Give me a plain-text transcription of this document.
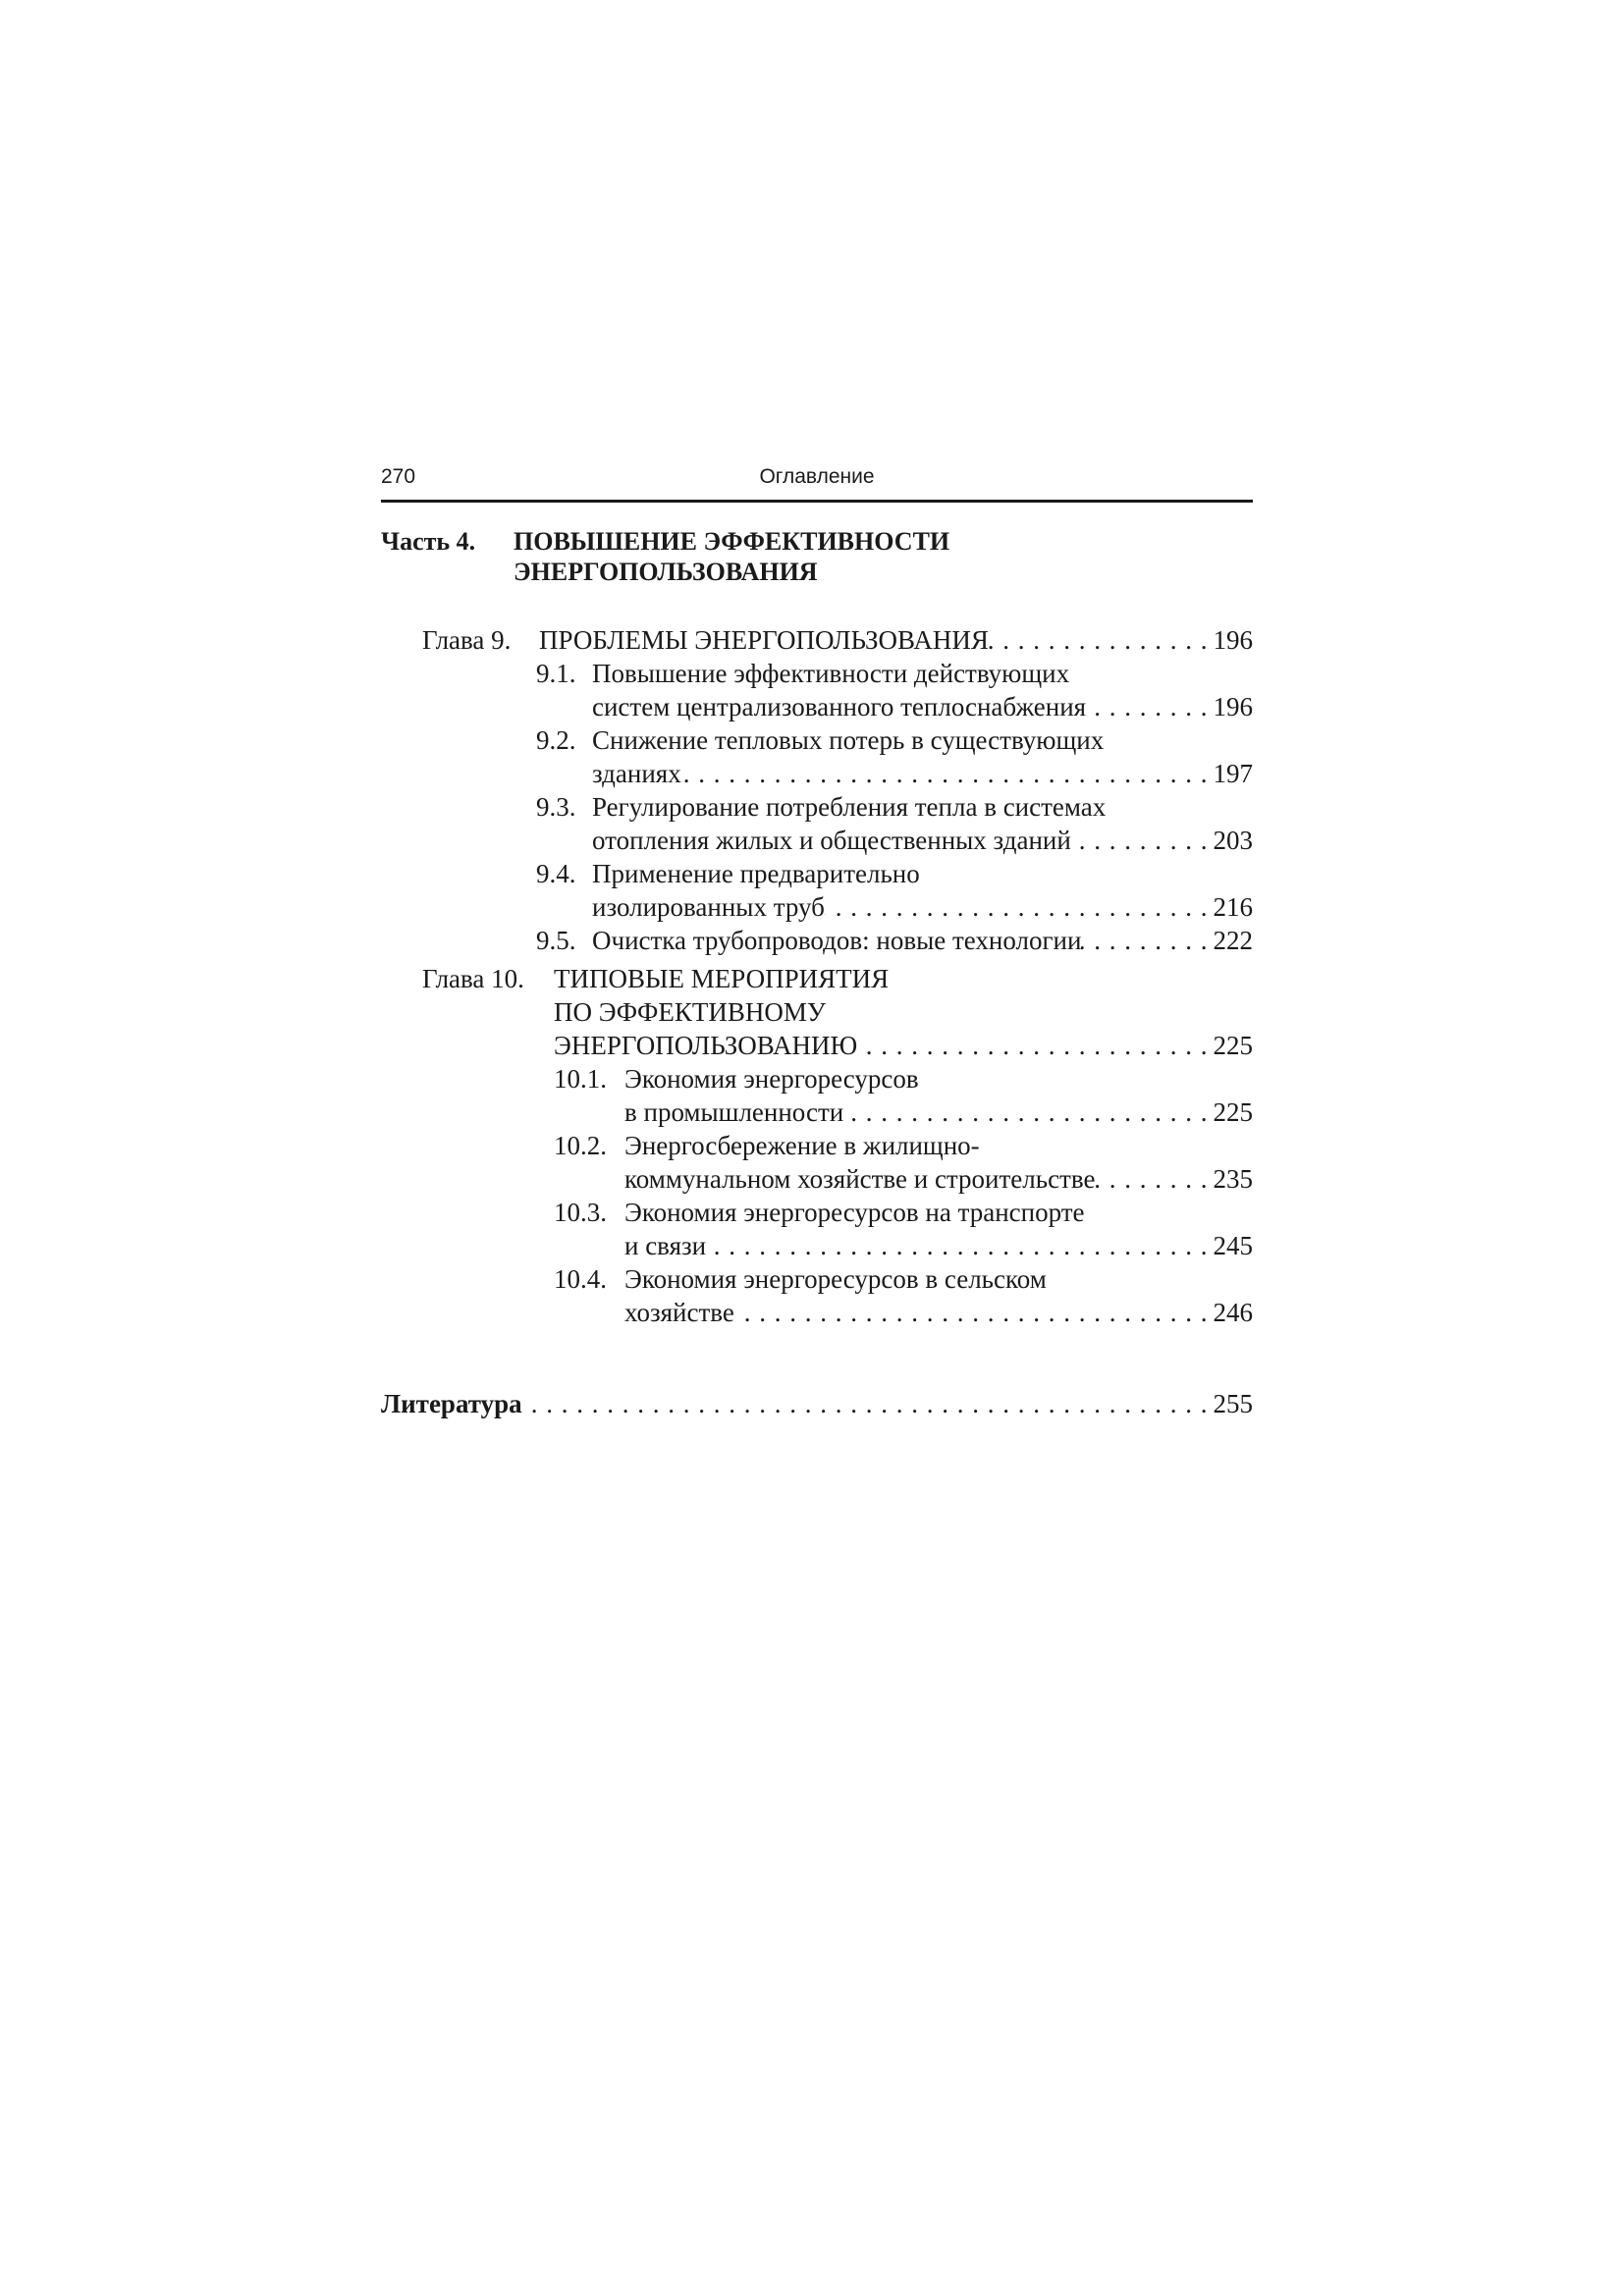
270	Оглавление
Часть 4. ПОВЫШЕНИЕ ЭФФЕКТИВНОСТИ
ЭНЕРГОПОЛЬЗОВАНИЯ
Глава 9. ПРОБЛЕМЫ ЭНЕРГОПОЛЬЗОВАНИЯ . . .	196
9.1. Повышение эффективности действующих
систем централизованного теплоснабжения . . .	196
9.2. Снижение тепловых потерь в существующих
зданиях . . .	197
9.3. Регулирование потребления тепла в системах
отопления жилых и общественных зданий . . .	203
9.4. Применение предварительно
изолированных труб . . .	216
9.5. Очистка трубопроводов: новые технологии . . .	222
Глава 10. ТИПОВЫЕ МЕРОПРИЯТИЯ
ПО ЭФФЕКТИВНОМУ
ЭНЕРГОПОЛЬЗОВАНИЮ . . .	225
10.1. Экономия энергоресурсов
в промышленности . . .	225
10.2. Энергосбережение в жилищно-
коммунальном хозяйстве и строительстве . . .	235
10.3. Экономия энергоресурсов на транспорте
и связи . . .	245
10.4. Экономия энергоресурсов в сельском
хозяйстве . . .	246
Литература . . .	255
